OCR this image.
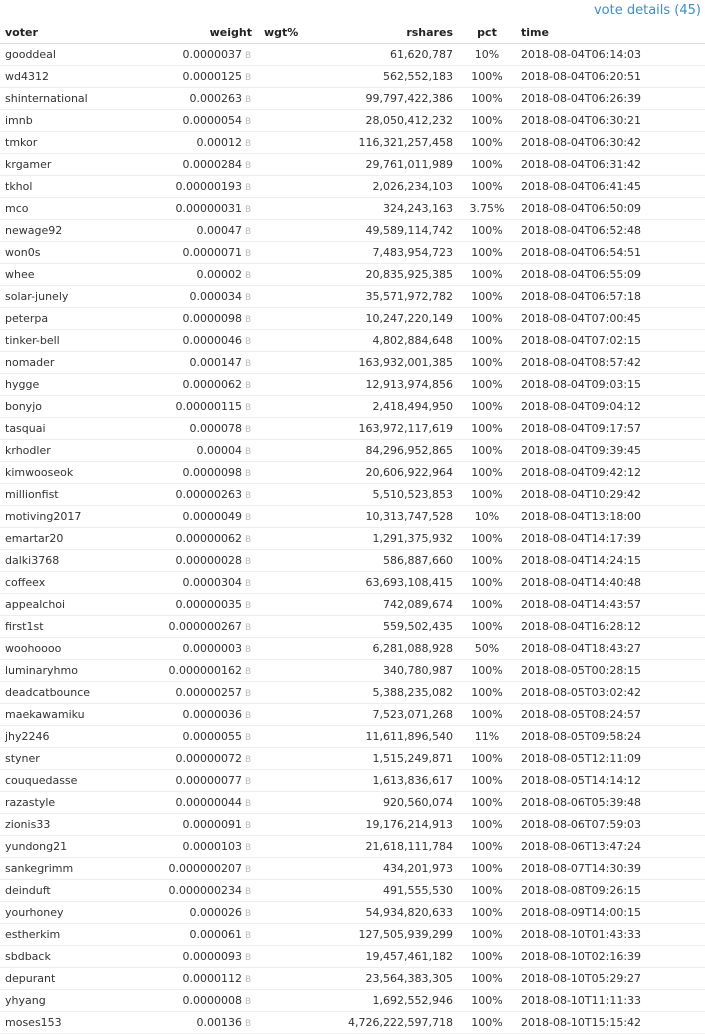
vote details (45)
voter	weight	wgt%	rshares	pct	time
gooddeal	0.0000037 B		61,620,787	10%	2018-08-04T06:14:03
wd4312	0.0000125 B		562,552,183	100%	2018-08-04T06:20:51
shinternational	0.000263 B		99,797,422,386	100%	2018-08-04T06:26:39
imnb	0.0000054 B		28,050,412,232	100%	2018-08-04T06:30:21
tmkor	0.00012 B		116,321,257,458	100%	2018-08-04T06:30:42
krgamer	0.0000284 B		29,761,011,989	100%	2018-08-04T06:31:42
tkhol	0.00000193 B		2,026,234,103	100%	2018-08-04T06:41:45
mco	0.00000031 B		324,243,163	3.75%	2018-08-04T06:50:09
newage92	0.00047 B		49,589,114,742	100%	2018-08-04T06:52:48
won0s	0.0000071 B		7,483,954,723	100%	2018-08-04T06:54:51
whee	0.00002 B		20,835,925,385	100%	2018-08-04T06:55:09
solar-junely	0.000034 B		35,571,972,782	100%	2018-08-04T06:57:18
peterpa	0.0000098 B		10,247,220,149	100%	2018-08-04T07:00:45
tinker-bell	0.0000046 B		4,802,884,648	100%	2018-08-04T07:02:15
nomader	0.000147 B		163,932,001,385	100%	2018-08-04T08:57:42
hygge	0.0000062 B		12,913,974,856	100%	2018-08-04T09:03:15
bonyjo	0.00000115 B		2,418,494,950	100%	2018-08-04T09:04:12
tasquai	0.000078 B		163,972,117,619	100%	2018-08-04T09:17:57
krhodler	0.00004 B		84,296,952,865	100%	2018-08-04T09:39:45
kimwooseok	0.0000098 B		20,606,922,964	100%	2018-08-04T09:42:12
millionfist	0.00000263 B		5,510,523,853	100%	2018-08-04T10:29:42
motiving2017	0.0000049 B		10,313,747,528	10%	2018-08-04T13:18:00
emartar20	0.00000062 B		1,291,375,932	100%	2018-08-04T14:17:39
dalki3768	0.00000028 B		586,887,660	100%	2018-08-04T14:24:15
coffeex	0.0000304 B		63,693,108,415	100%	2018-08-04T14:40:48
appealchoi	0.00000035 B		742,089,674	100%	2018-08-04T14:43:57
first1st	0.000000267 B		559,502,435	100%	2018-08-04T16:28:12
woohoooo	0.0000003 B		6,281,088,928	50%	2018-08-04T18:43:27
luminaryhmo	0.000000162 B		340,780,987	100%	2018-08-05T00:28:15
deadcatbounce	0.00000257 B		5,388,235,082	100%	2018-08-05T03:02:42
maekawamiku	0.0000036 B		7,523,071,268	100%	2018-08-05T08:24:57
jhy2246	0.0000055 B		11,611,896,540	11%	2018-08-05T09:58:24
styner	0.00000072 B		1,515,249,871	100%	2018-08-05T12:11:09
couquedasse	0.00000077 B		1,613,836,617	100%	2018-08-05T14:14:12
razastyle	0.00000044 B		920,560,074	100%	2018-08-06T05:39:48
zionis33	0.0000091 B		19,176,214,913	100%	2018-08-06T07:59:03
yundong21	0.0000103 B		21,618,111,784	100%	2018-08-06T13:47:24
sankegrimm	0.000000207 B		434,201,973	100%	2018-08-07T14:30:39
deinduft	0.000000234 B		491,555,530	100%	2018-08-08T09:26:15
yourhoney	0.000026 B		54,934,820,633	100%	2018-08-09T14:00:15
estherkim	0.000061 B		127,505,939,299	100%	2018-08-10T01:43:33
sbdback	0.0000093 B		19,457,461,182	100%	2018-08-10T02:16:39
depurant	0.0000112 B		23,564,383,305	100%	2018-08-10T05:29:27
yhyang	0.0000008 B		1,692,552,946	100%	2018-08-10T11:11:33
moses153	0.00136 B		4,726,222,597,718	100%	2018-08-10T15:15:42
